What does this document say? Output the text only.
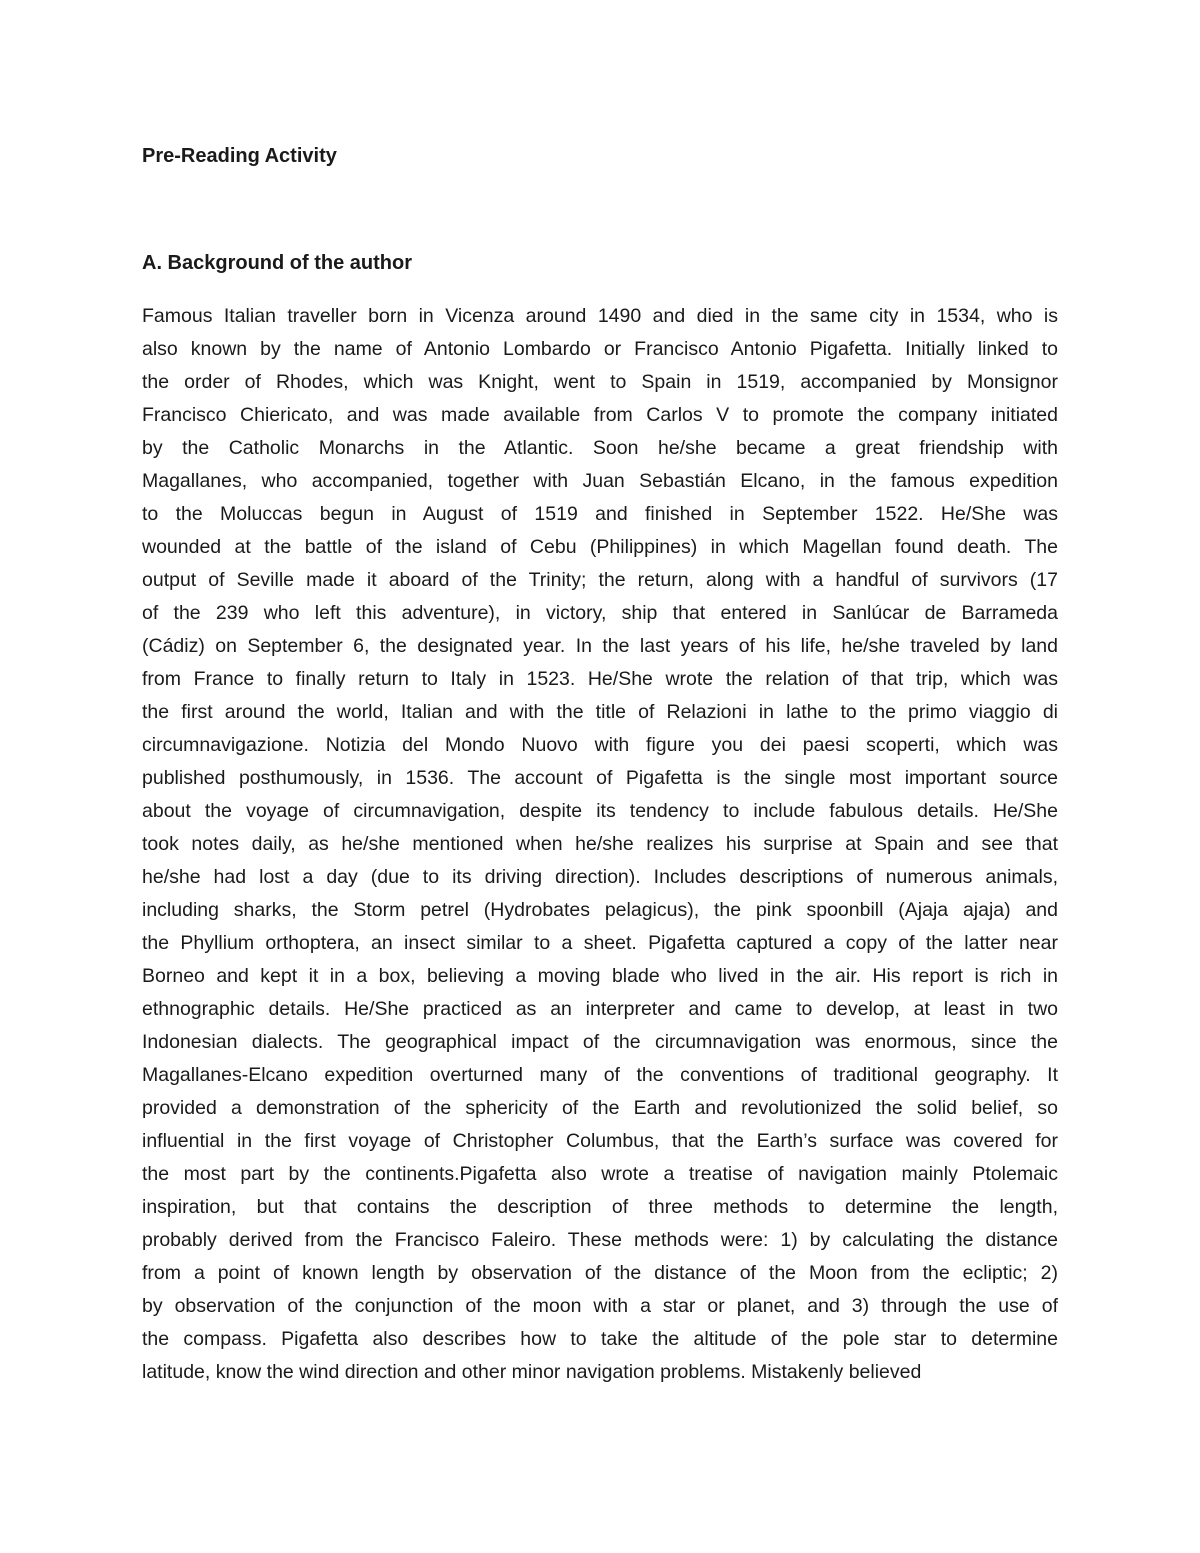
Pre-Reading Activity
A. Background of the author
Famous Italian traveller born in Vicenza around 1490 and died in the same city in 1534, who is
also known by the name of Antonio Lombardo or Francisco Antonio Pigafetta. Initially linked to
the order of Rhodes, which was Knight, went to Spain in 1519, accompanied by Monsignor
Francisco Chiericato, and was made available from Carlos V to promote the company initiated
by the Catholic Monarchs in the Atlantic. Soon he/she became a great friendship with
Magallanes, who accompanied, together with Juan Sebastián Elcano, in the famous expedition
to the Moluccas begun in August of 1519 and finished in September 1522. He/She was
wounded at the battle of the island of Cebu (Philippines) in which Magellan found death. The
output of Seville made it aboard of the Trinity; the return, along with a handful of survivors (17
of the 239 who left this adventure), in victory, ship that entered in Sanlúcar de Barrameda
(Cádiz) on September 6, the designated year. In the last years of his life, he/she traveled by land
from France to finally return to Italy in 1523. He/She wrote the relation of that trip, which was
the first around the world, Italian and with the title of Relazioni in lathe to the primo viaggio di
circumnavigazione. Notizia del Mondo Nuovo with figure you dei paesi scoperti, which was
published posthumously, in 1536. The account of Pigafetta is the single most important source
about the voyage of circumnavigation, despite its tendency to include fabulous details. He/She
took notes daily, as he/she mentioned when he/she realizes his surprise at Spain and see that
he/she had lost a day (due to its driving direction). Includes descriptions of numerous animals,
including sharks, the Storm petrel (Hydrobates pelagicus), the pink spoonbill (Ajaja ajaja) and
the Phyllium orthoptera, an insect similar to a sheet. Pigafetta captured a copy of the latter near
Borneo and kept it in a box, believing a moving blade who lived in the air. His report is rich in
ethnographic details. He/She practiced as an interpreter and came to develop, at least in two
Indonesian dialects. The geographical impact of the circumnavigation was enormous, since the
Magallanes-Elcano expedition overturned many of the conventions of traditional geography. It
provided a demonstration of the sphericity of the Earth and revolutionized the solid belief, so
influential in the first voyage of Christopher Columbus, that the Earth’s surface was covered for
the most part by the continents.Pigafetta also wrote a treatise of navigation mainly Ptolemaic
inspiration, but that contains the description of three methods to determine the length,
probably derived from the Francisco Faleiro. These methods were: 1) by calculating the distance
from a point of known length by observation of the distance of the Moon from the ecliptic; 2)
by observation of the conjunction of the moon with a star or planet, and 3) through the use of
the compass. Pigafetta also describes how to take the altitude of the pole star to determine
latitude, know the wind direction and other minor navigation problems. Mistakenly believed
